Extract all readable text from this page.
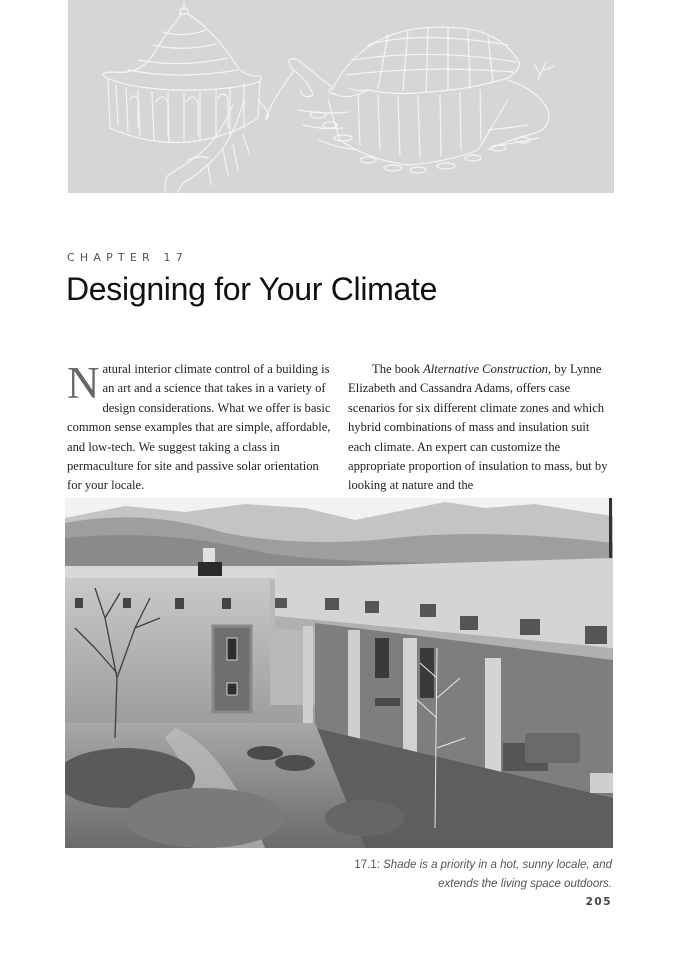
CHAPTER 17
Designing for Your Climate

Natural interior climate control of a building is an art and a science that takes in a variety of design considerations. What we offer is basic common sense examples that are simple, affordable, and low-tech. We suggest taking a class in permaculture for site and passive solar orientation for your locale.

The book Alternative Construction, by Lynne Elizabeth and Cassandra Adams, offers case scenarios for six different climate zones and which hybrid combinations of mass and insulation suit each climate. An expert can customize the appropriate proportion of insulation to mass, but by looking at nature and the

17.1: Shade is a priority in a hot, sunny locale, and extends the living space outdoors.
205
